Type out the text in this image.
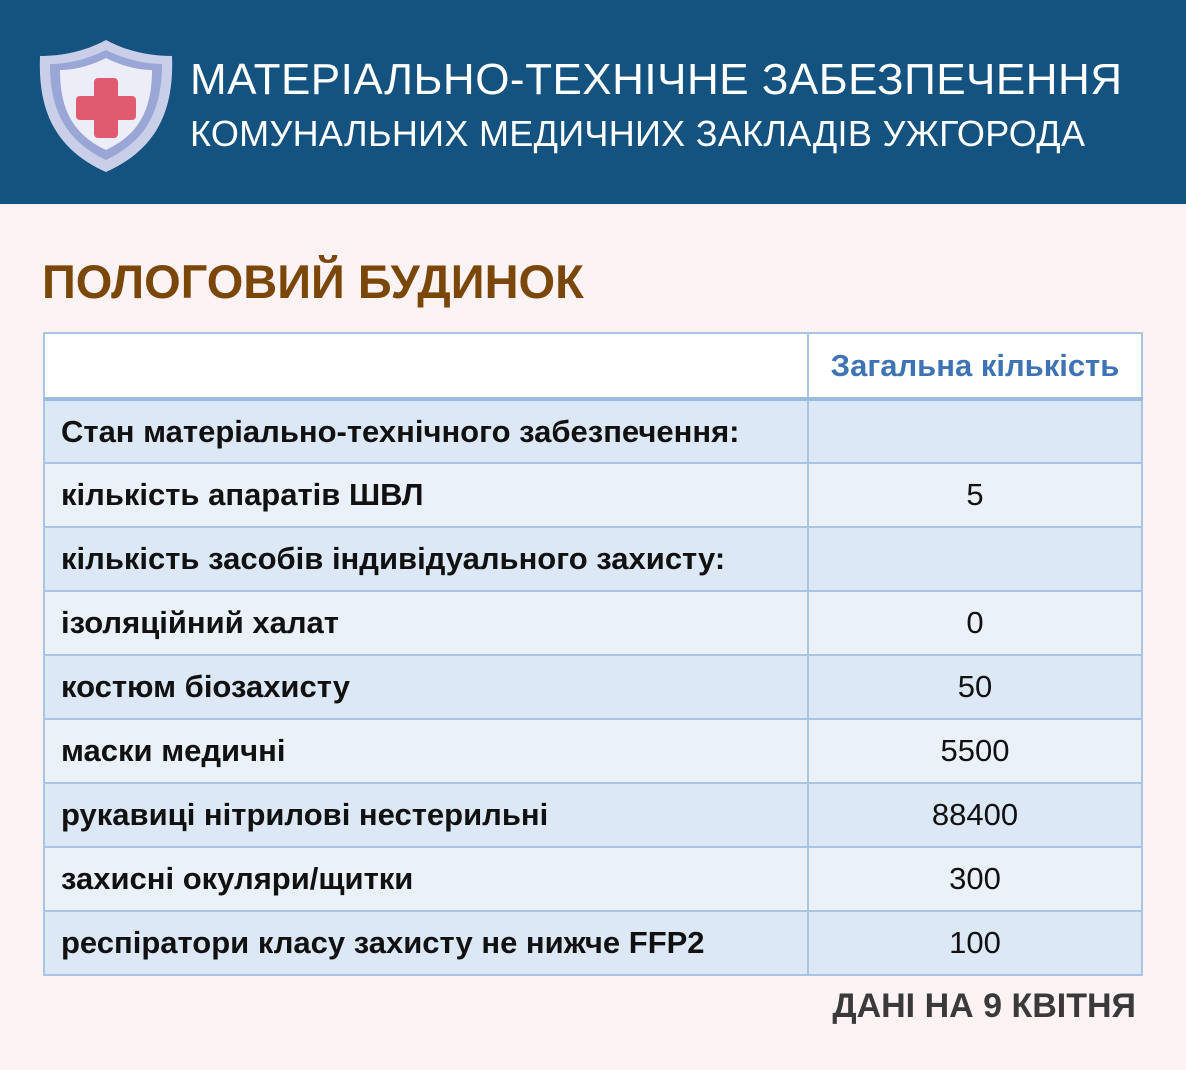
МАТЕРІАЛЬНО-ТЕХНІЧНЕ ЗАБЕЗПЕЧЕННЯ
КОМУНАЛЬНИХ МЕДИЧНИХ ЗАКЛАДІВ УЖГОРОДА
ПОЛОГОВИЙ БУДИНОК
	Загальна кількість
Стан матеріально-технічного забезпечення:	
кількість апаратів ШВЛ	5
кількість засобів індивідуального захисту:	
ізоляційний халат	0
костюм біозахисту	50
маски медичні	5500
рукавиці нітрилові нестерильні	88400
захисні окуляри/щитки	300
респіратори класу захисту не нижче FFP2	100
ДАНІ НА 9 КВІТНЯ
